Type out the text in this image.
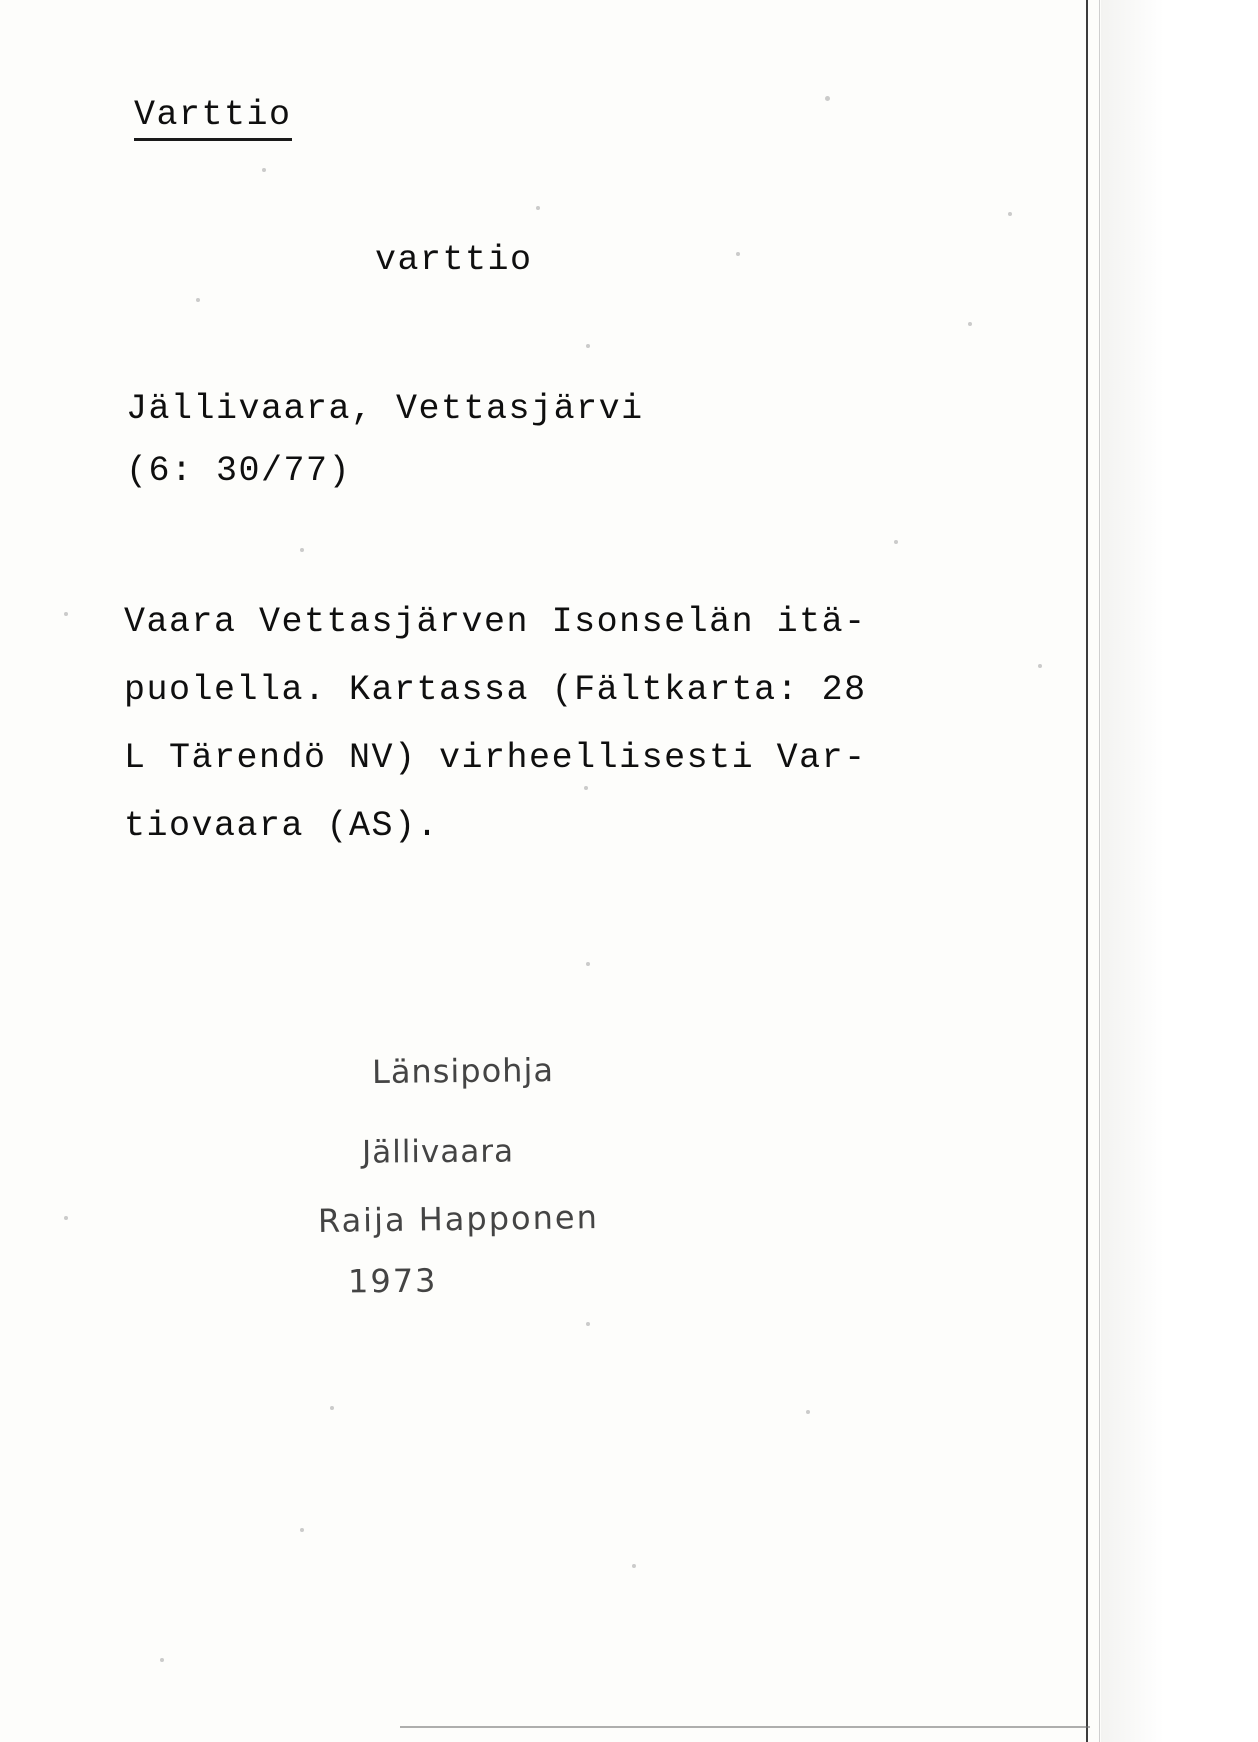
Varttio
varttio
Jällivaara, Vettasjärvi
(6: 30/77)
Vaara Vettasjärven Isonselän itä-
puolella. Kartassa (Fältkarta: 28
L Tärendö NV) virheellisesti Var-
tiovaara (AS).
Länsipohja
Jällivaara
Raija Happonen
1973
